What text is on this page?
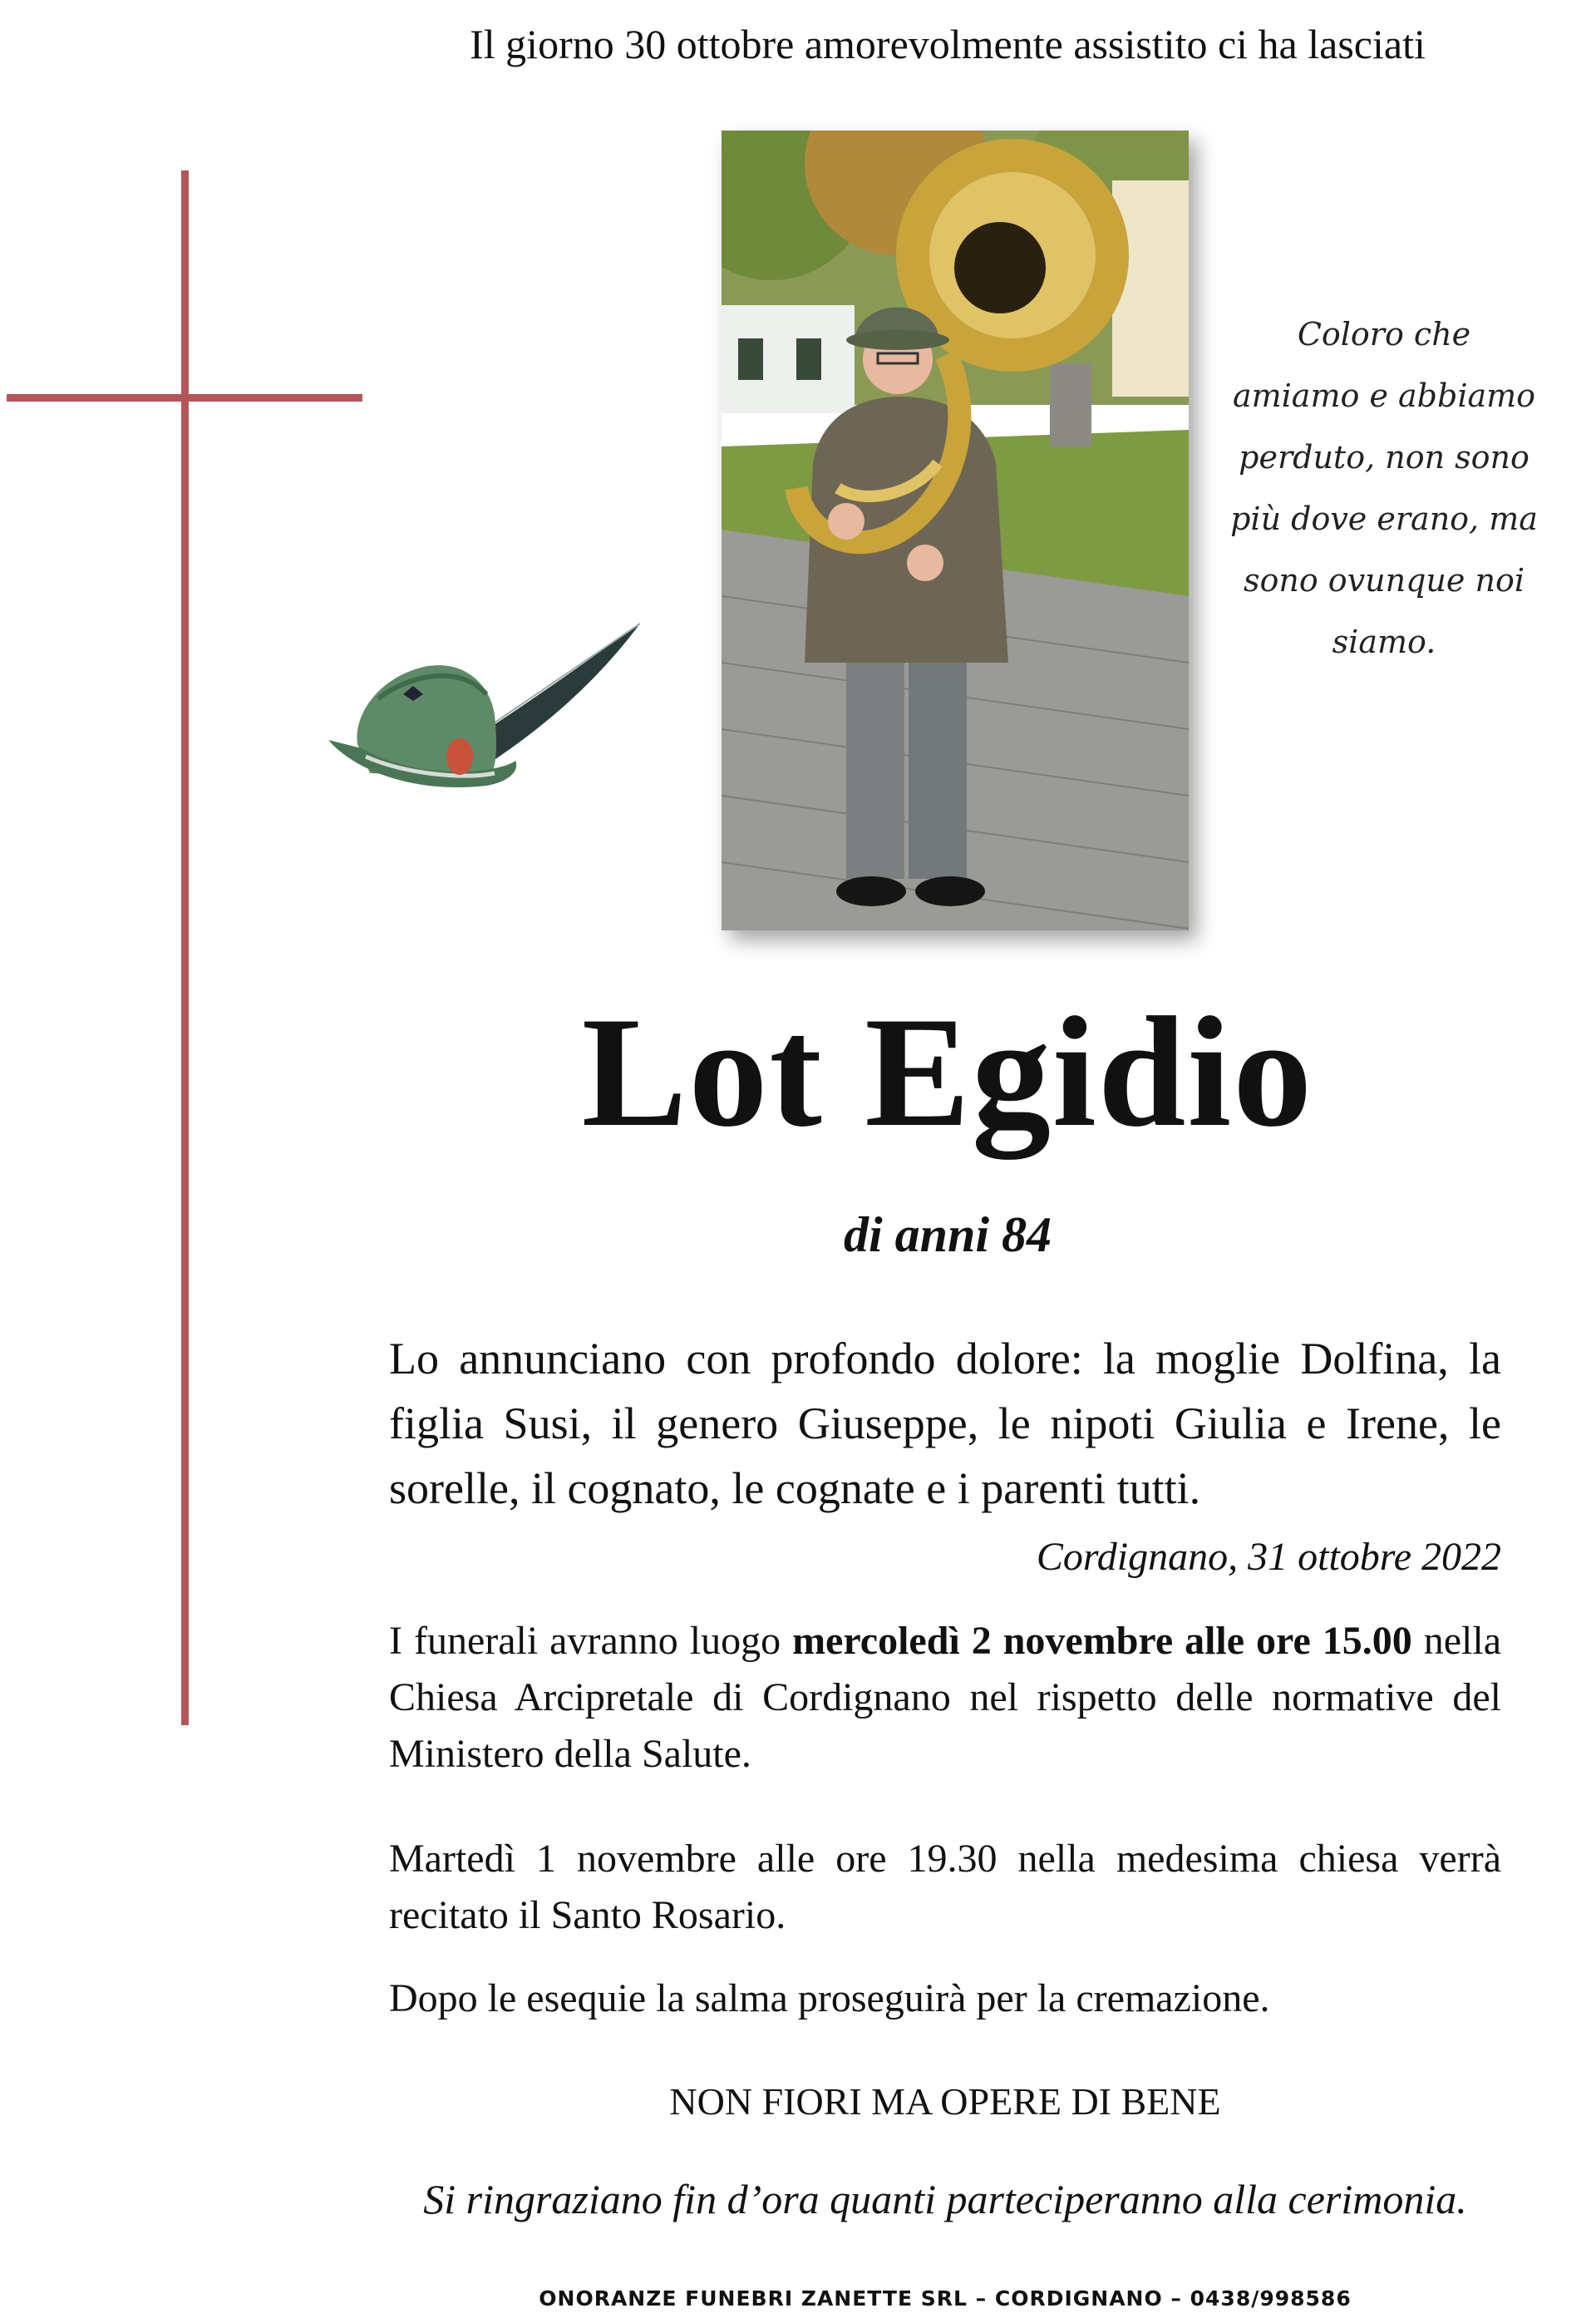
Il giorno 30 ottobre amorevolmente assistito ci ha lasciati
Coloro che
amiamo e abbiamo
perduto, non sono
più dove erano, ma
sono ovunque noi
siamo.
Lot Egidio
di anni 84
Lo annunciano con profondo dolore: la moglie Dolfina, la figlia Susi, il genero Giuseppe, le nipoti Giulia e Irene, le sorelle, il cognato, le cognate e i parenti tutti.
Cordignano, 31 ottobre 2022
I funerali avranno luogo mercoledì 2 novembre alle ore 15.00 nella Chiesa Arcipretale di Cordignano nel rispetto delle normative del Ministero della Salute.
Martedì 1 novembre alle ore 19.30 nella medesima chiesa verrà recitato il Santo Rosario.
Dopo le esequie la salma proseguirà per la cremazione.
NON FIORI MA OPERE DI BENE
Si ringraziano fin d’ora quanti parteciperanno alla cerimonia.
ONORANZE FUNEBRI ZANETTE SRL – CORDIGNANO – 0438/998586
